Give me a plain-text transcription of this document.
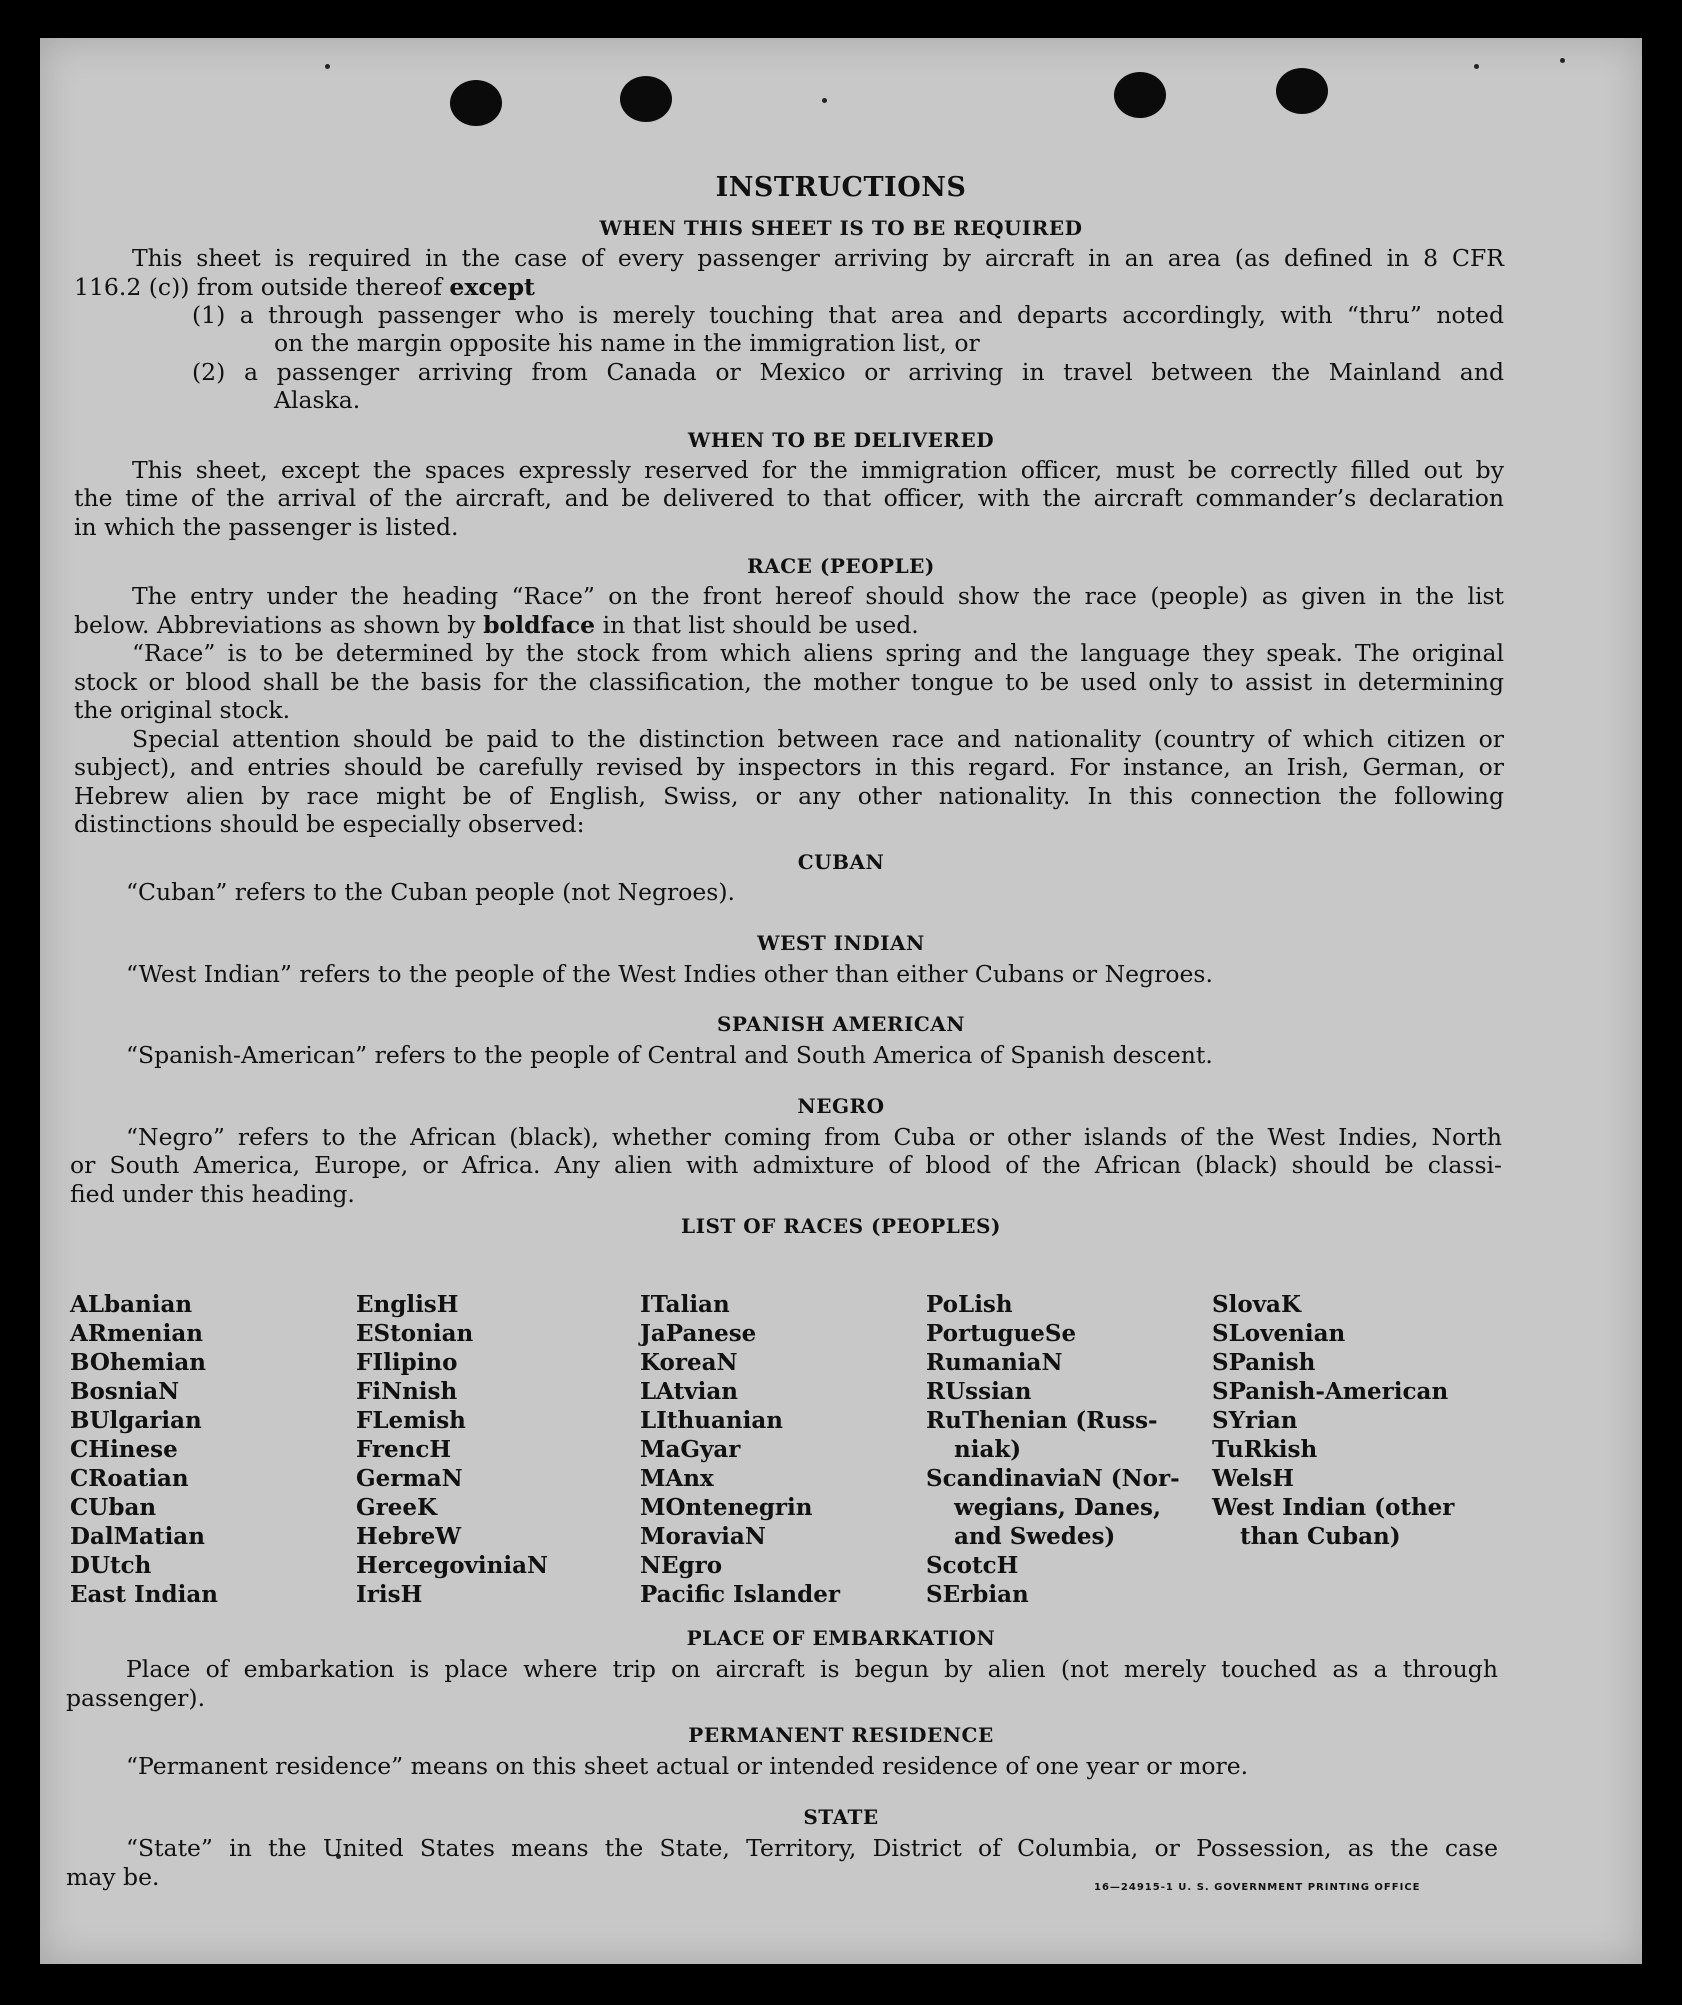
INSTRUCTIONS
WHEN THIS SHEET IS TO BE REQUIRED
This sheet is required in the case of every passenger arriving by aircraft in an area (as defined in 8 CFR
116.2 (c)) from outside thereof except
(1) a through passenger who is merely touching that area and departs accordingly, with “thru” noted
on the margin opposite his name in the immigration list, or
(2) a passenger arriving from Canada or Mexico or arriving in travel between the Mainland and
Alaska.
WHEN TO BE DELIVERED
This sheet, except the spaces expressly reserved for the immigration officer, must be correctly filled out by
the time of the arrival of the aircraft, and be delivered to that officer, with the aircraft commander’s declaration
in which the passenger is listed.
RACE (PEOPLE)
The entry under the heading “Race” on the front hereof should show the race (people) as given in the list
below. Abbreviations as shown by boldface in that list should be used.
“Race” is to be determined by the stock from which aliens spring and the language they speak. The original
stock or blood shall be the basis for the classification, the mother tongue to be used only to assist in determining
the original stock.
Special attention should be paid to the distinction between race and nationality (country of which citizen or
subject), and entries should be carefully revised by inspectors in this regard. For instance, an Irish, German, or
Hebrew alien by race might be of English, Swiss, or any other nationality. In this connection the following
distinctions should be especially observed:
CUBAN
“Cuban” refers to the Cuban people (not Negroes).
WEST INDIAN
“West Indian” refers to the people of the West Indies other than either Cubans or Negroes.
SPANISH AMERICAN
“Spanish-American” refers to the people of Central and South America of Spanish descent.
NEGRO
“Negro” refers to the African (black), whether coming from Cuba or other islands of the West Indies, North
or South America, Europe, or Africa. Any alien with admixture of blood of the African (black) should be classi-
fied under this heading.
LIST OF RACES (PEOPLES)
ALbanian
ARmenian
BOhemian
BosniaN
BUlgarian
CHinese
CRoatian
CUban
DalMatian
DUtch
East Indian
EnglisH
EStonian
FIlipino
FiNnish
FLemish
FrencH
GermaN
GreeK
HebreW
HercegoviniaN
IrisH
ITalian
JaPanese
KoreaN
LAtvian
LIthuanian
MaGyar
MAnx
MOntenegrin
MoraviaN
NEgro
Pacific Islander
PoLish
PortugueSe
RumaniaN
RUssian
RuThenian (Russ-
niak)
ScandinaviaN (Nor-
wegians, Danes,
and Swedes)
ScotcH
SErbian
SlovaK
SLovenian
SPanish
SPanish-American
SYrian
TuRkish
WelsH
West Indian (other
than Cuban)
PLACE OF EMBARKATION
Place of embarkation is place where trip on aircraft is begun by alien (not merely touched as a through
passenger).
PERMANENT RESIDENCE
“Permanent residence” means on this sheet actual or intended residence of one year or more.
STATE
“State” in the United States means the State, Territory, District of Columbia, or Possession, as the case
may be.	16—24915-1 U. S. GOVERNMENT PRINTING OFFICE
